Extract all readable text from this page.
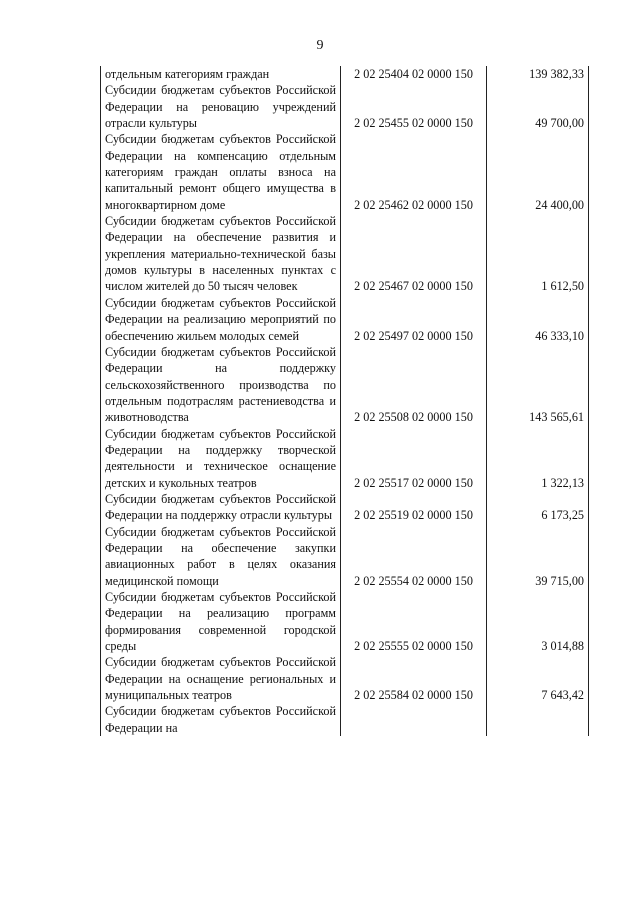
9
отдельным категориям граждан	2 02 25404 02 0000 150	139 382,33
Субсидии бюджетам субъектов Российской Федерации на реновацию учреждений отрасли культуры	2 02 25455 02 0000 150	49 700,00
Субсидии бюджетам субъектов Российской Федерации на компенсацию отдельным категориям граждан оплаты взноса на капитальный ремонт общего имущества в многоквартирном доме	2 02 25462 02 0000 150	24 400,00
Субсидии бюджетам субъектов Российской Федерации на обеспечение развития и укрепления материально-технической базы домов культуры в населенных пунктах с числом жителей до 50 тысяч человек	2 02 25467 02 0000 150	1 612,50
Субсидии бюджетам субъектов Российской Федерации на реализацию мероприятий по обеспечению жильем молодых семей	2 02 25497 02 0000 150	46 333,10
Субсидии бюджетам субъектов Российской Федерации на поддержку сельскохозяйственного производства по отдельным подотраслям растениеводства и животноводства	2 02 25508 02 0000 150	143 565,61
Субсидии бюджетам субъектов Российской Федерации на поддержку творческой деятельности и техническое оснащение детских и кукольных театров	2 02 25517 02 0000 150	1 322,13
Субсидии бюджетам субъектов Российской Федерации на поддержку отрасли культуры	2 02 25519 02 0000 150	6 173,25
Субсидии бюджетам субъектов Российской Федерации на обеспечение закупки авиационных работ в целях оказания медицинской помощи	2 02 25554 02 0000 150	39 715,00
Субсидии бюджетам субъектов Российской Федерации на реализацию программ формирования современной городской среды	2 02 25555 02 0000 150	3 014,88
Субсидии бюджетам субъектов Российской Федерации на оснащение региональных и муниципальных театров	2 02 25584 02 0000 150	7 643,42
Субсидии бюджетам субъектов Российской Федерации на		
